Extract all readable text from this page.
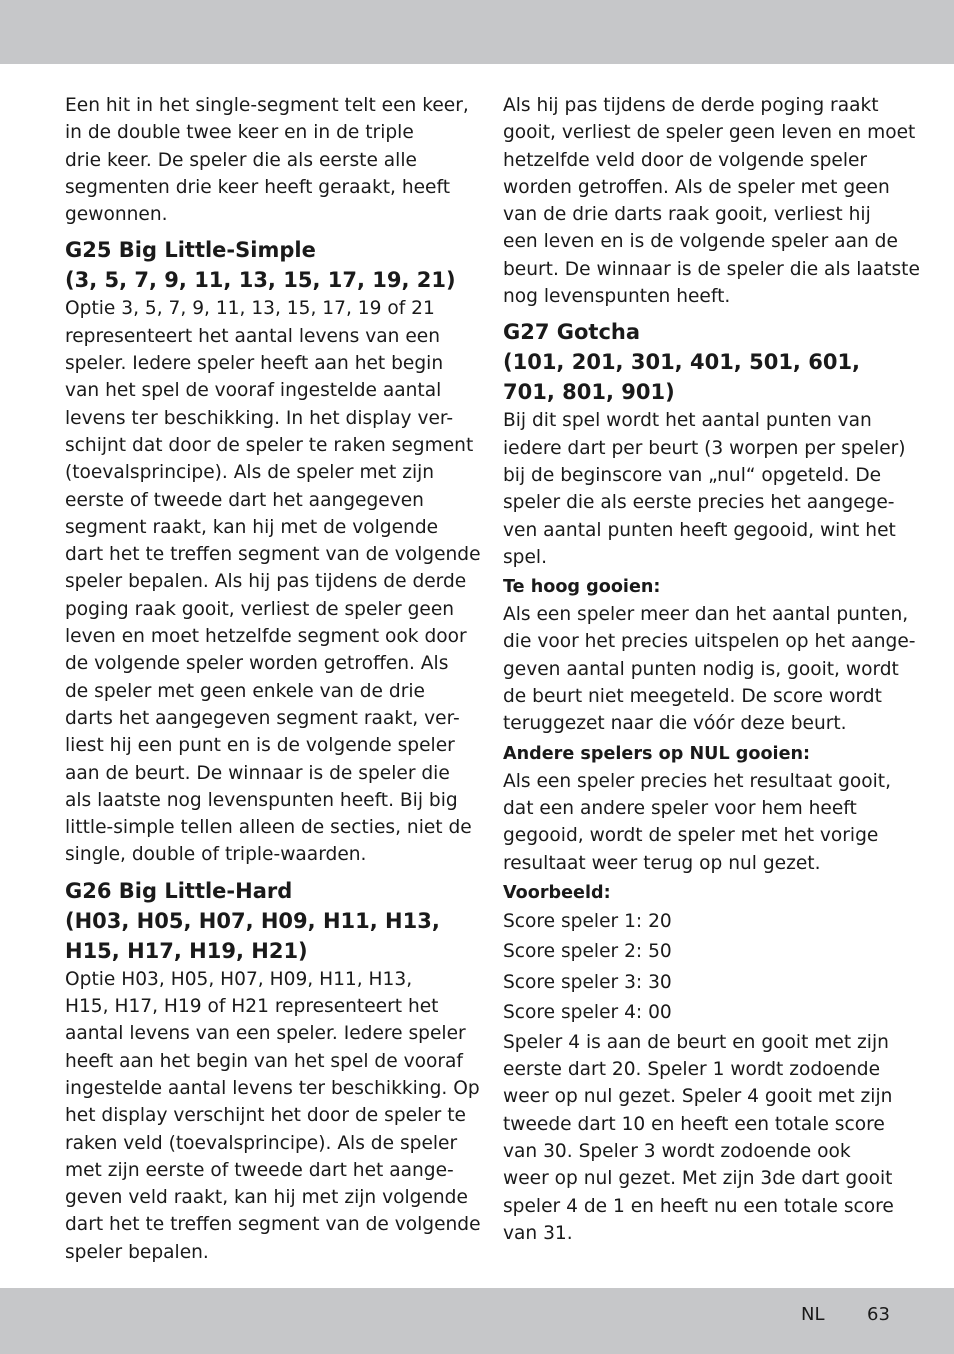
Een hit in het single-segment telt een keer,
in de double twee keer en in de triple
drie keer. De speler die als eerste alle
segmenten drie keer heeft geraakt, heeft
gewonnen.

G25 Big Little-Simple
(3, 5, 7, 9, 11, 13, 15, 17, 19, 21)

Optie 3, 5, 7, 9, 11, 13, 15, 17, 19 of 21
representeert het aantal levens van een
speler. Iedere speler heeft aan het begin
van het spel de vooraf ingestelde aantal
levens ter beschikking. In het display ver-
schijnt dat door de speler te raken segment
(toevalsprincipe). Als de speler met zijn
eerste of tweede dart het aangegeven
segment raakt, kan hij met de volgende
dart het te treffen segment van de volgende
speler bepalen. Als hij pas tijdens de derde
poging raak gooit, verliest de speler geen
leven en moet hetzelfde segment ook door
de volgende speler worden getroffen. Als
de speler met geen enkele van de drie
darts het aangegeven segment raakt, ver-
liest hij een punt en is de volgende speler
aan de beurt. De winnaar is de speler die
als laatste nog levenspunten heeft. Bij big
little-simple tellen alleen de secties, niet de
single, double of triple-waarden.

G26 Big Little-Hard
(H03, H05, H07, H09, H11, H13,
H15, H17, H19, H21)

Optie H03, H05, H07, H09, H11, H13,
H15, H17, H19 of H21 representeert het
aantal levens van een speler. Iedere speler
heeft aan het begin van het spel de vooraf
ingestelde aantal levens ter beschikking. Op
het display verschijnt het door de speler te
raken veld (toevalsprincipe). Als de speler
met zijn eerste of tweede dart het aange-
geven veld raakt, kan hij met zijn volgende
dart het te treffen segment van de volgende
speler bepalen.

Als hij pas tijdens de derde poging raakt
gooit, verliest de speler geen leven en moet
hetzelfde veld door de volgende speler
worden getroffen. Als de speler met geen
van de drie darts raak gooit, verliest hij
een leven en is de volgende speler aan de
beurt. De winnaar is de speler die als laatste
nog levenspunten heeft.

G27 Gotcha
(101, 201, 301, 401, 501, 601,
701, 801, 901)

Bij dit spel wordt het aantal punten van
iedere dart per beurt (3 worpen per speler)
bij de beginscore van „nul“ opgeteld. De
speler die als eerste precies het aangege-
ven aantal punten heeft gegooid, wint het
spel.

Te hoog gooien:

Als een speler meer dan het aantal punten,
die voor het precies uitspelen op het aange-
geven aantal punten nodig is, gooit, wordt
de beurt niet meegeteld. De score wordt
teruggezet naar die vóór deze beurt.

Andere spelers op NUL gooien:

Als een speler precies het resultaat gooit,
dat een andere speler voor hem heeft
gegooid, wordt de speler met het vorige
resultaat weer terug op nul gezet.

Voorbeeld:
Score speler 1: 20
Score speler 2: 50
Score speler 3: 30
Score speler 4: 00

Speler 4 is aan de beurt en gooit met zijn
eerste dart 20. Speler 1 wordt zodoende
weer op nul gezet. Speler 4 gooit met zijn
tweede dart 10 en heeft een totale score
van 30. Speler 3 wordt zodoende ook
weer op nul gezet. Met zijn 3de dart gooit
speler 4 de 1 en heeft nu een totale score
van 31.

NL 63
